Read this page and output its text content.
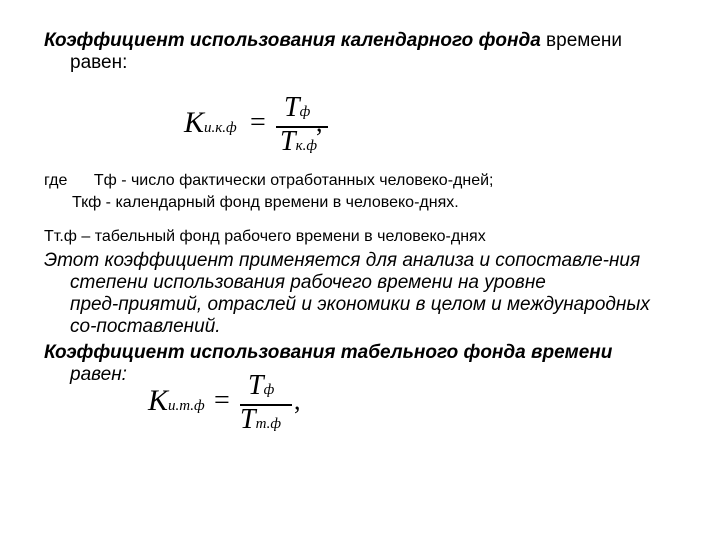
Коэффициент использования календарного фонда времени
равен:
Kи.к.ф = Tф
Tк.ф
,
где Тф - число фактически отработанных человеко-дней;
Ткф - календарный фонд времени в человеко-днях.
Тт.ф – табельный фонд рабочего времени в человеко-днях
Этот коэффициент применяется для анализа и сопоставле-ния
степени использования рабочего времени на уровне
пред-приятий, отраслей и экономики в целом и международных
со-поставлений.
Коэффициент использования табельного фонда времени
равен:
Kи.т.ф = Tф
Tт.ф
,
